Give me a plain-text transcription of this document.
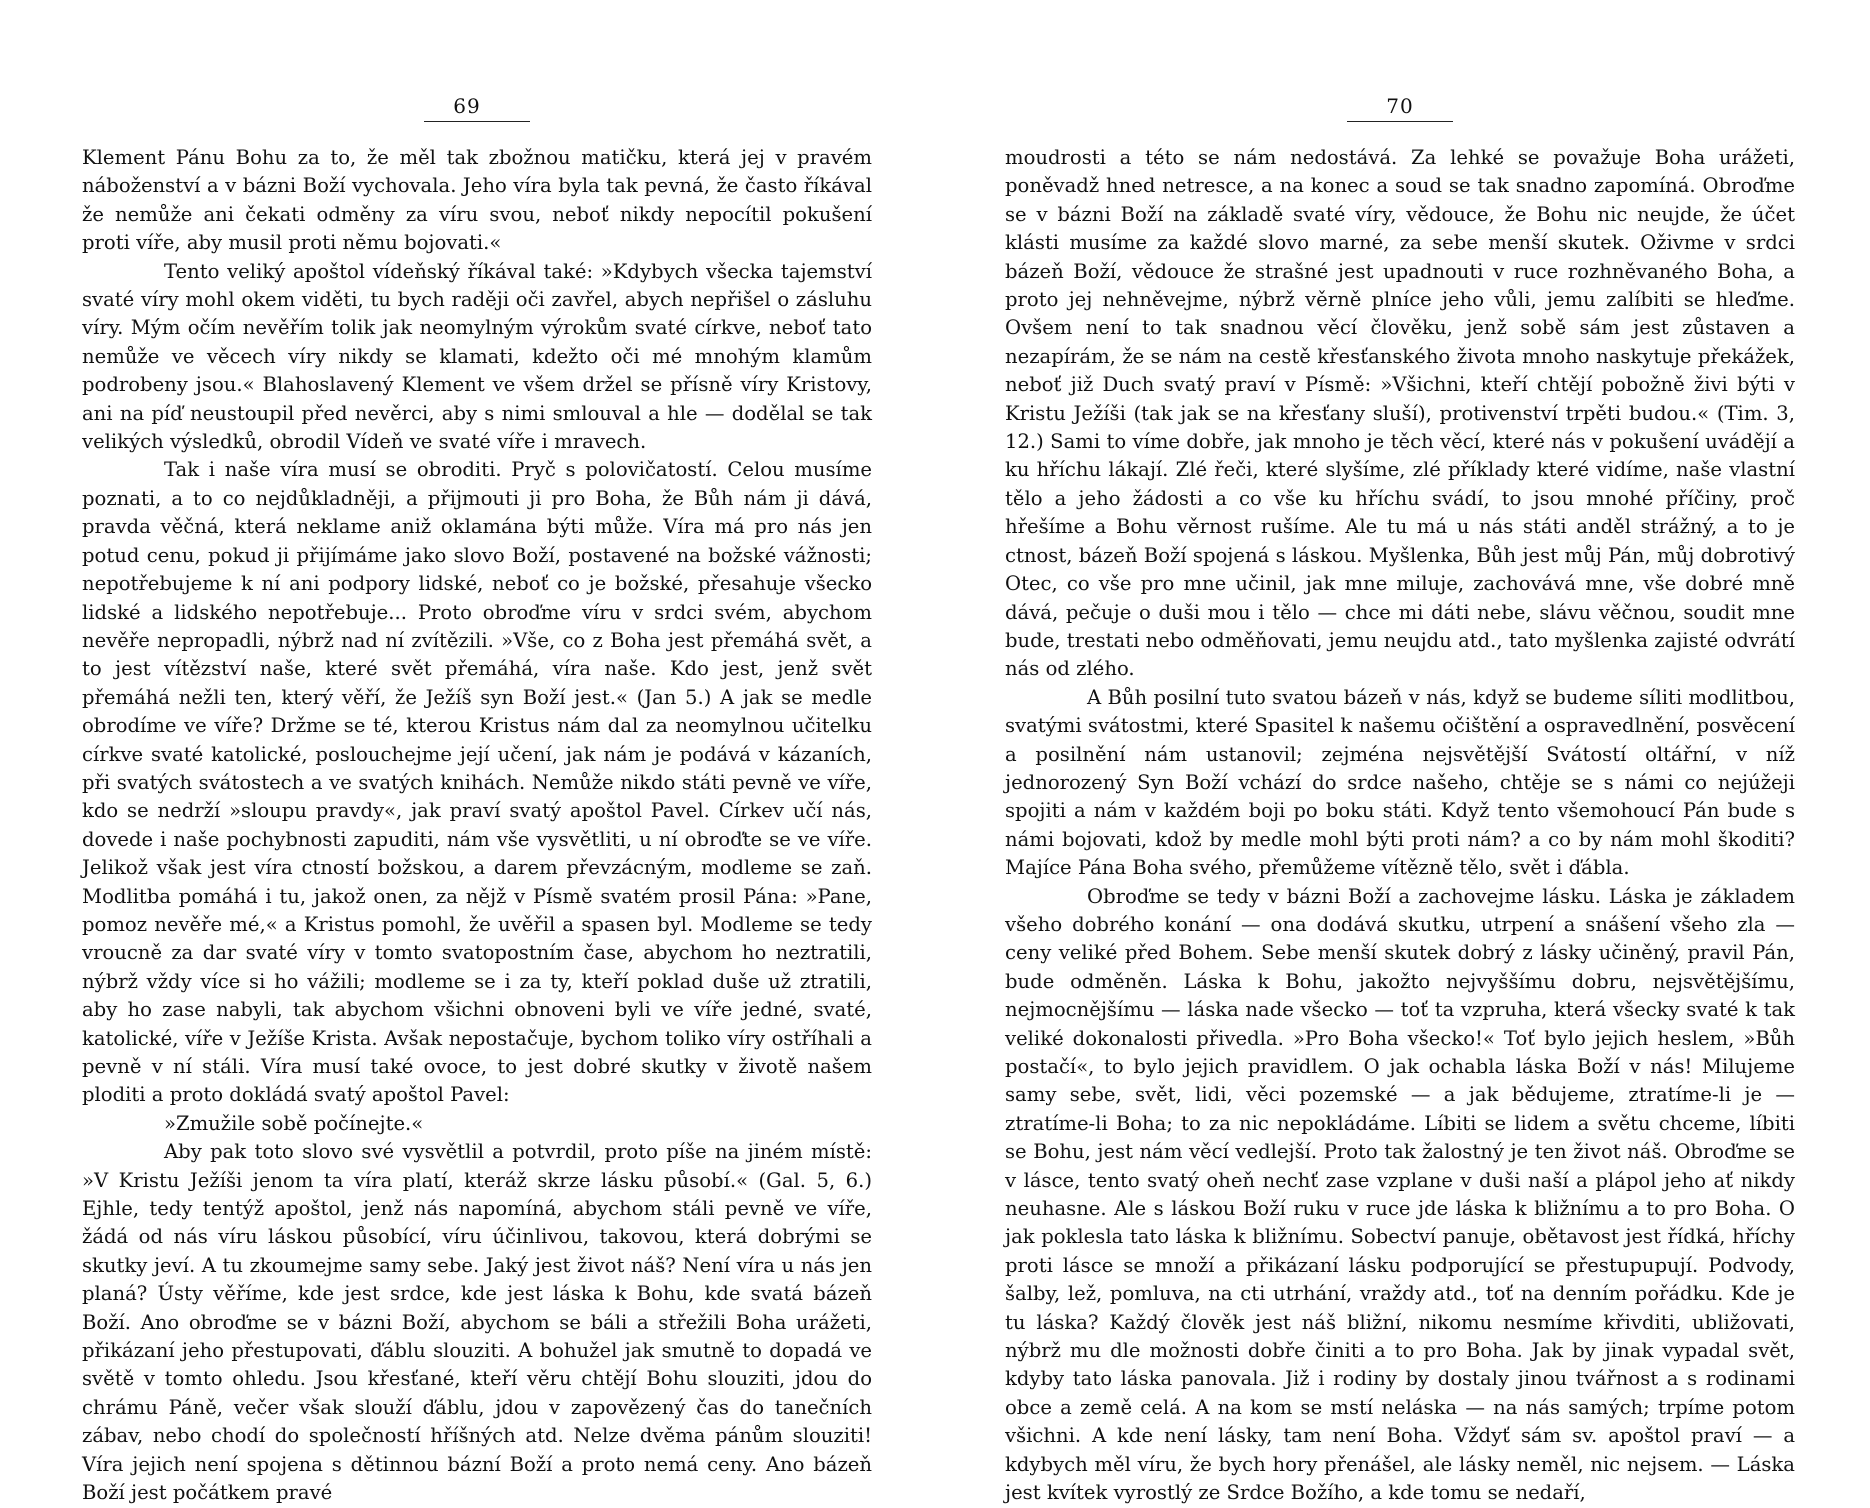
69

Klement Pánu Bohu za to, že měl tak zbožnou matičku, která jej v pravém náboženství a v bázni Boží vychovala. Jeho víra byla tak pevná, že často říkával že nemůže ani čekati odměny za víru svou, neboť nikdy nepocítil pokušení proti víře, aby musil proti němu bojovati.«

Tento veliký apoštol vídeňský říkával také: »Kdybych všecka tajemství svaté víry mohl okem viděti, tu bych raději oči zavřel, abych nepřišel o zásluhu víry. Mým očím nevěřím tolik jak neomylným výrokům svaté církve, neboť tato nemůže ve věcech víry nikdy se klamati, kdežto oči mé mnohým klamům podrobeny jsou.« Blahoslavený Klement ve všem držel se přísně víry Kristovy, ani na píď neustoupil před nevěrci, aby s nimi smlouval a hle — dodělal se tak velikých výsledků, obrodil Vídeň ve svaté víře i mravech.

Tak i naše víra musí se obroditi. Pryč s polovičatostí. Celou musíme poznati, a to co nejdůkladněji, a přijmouti ji pro Boha, že Bůh nám ji dává, pravda věčná, která neklame aniž oklamána býti může. Víra má pro nás jen potud cenu, pokud ji přijímáme jako slovo Boží, postavené na božské vážnosti; nepotřebujeme k ní ani podpory lidské, neboť co je božské, přesahuje všecko lidské a lidského nepotřebuje... Proto obroďme víru v srdci svém, abychom nevěře nepropadli, nýbrž nad ní zvítězili. »Vše, co z Boha jest přemáhá svět, a to jest vítězství naše, které svět přemáhá, víra naše. Kdo jest, jenž svět přemáhá nežli ten, který věří, že Ježíš syn Boží jest.« (Jan 5.) A jak se medle obrodíme ve víře? Držme se té, kterou Kristus nám dal za neomylnou učitelku církve svaté katolické, poslouchejme její učení, jak nám je podává v kázaních, při svatých svátostech a ve svatých knihách. Nemůže nikdo státi pevně ve víře, kdo se nedrží »sloupu pravdy«, jak praví svatý apoštol Pavel. Církev učí nás, dovede i naše pochybnosti zapuditi, nám vše vysvětliti, u ní obroďte se ve víře. Jelikož však jest víra ctností božskou, a darem převzácným, modleme se zaň. Modlitba pomáhá i tu, jakož onen, za nějž v Písmě svatém prosil Pána: »Pane, pomoz nevěře mé,« a Kristus pomohl, že uvěřil a spasen byl. Modleme se tedy vroucně za dar svaté víry v tomto svatopostním čase, abychom ho neztratili, nýbrž vždy více si ho vážili; modleme se i za ty, kteří poklad duše už ztratili, aby ho zase nabyli, tak abychom všichni obnoveni byli ve víře jedné, svaté, katolické, víře v Ježíše Krista. Avšak nepostačuje, bychom toliko víry ostříhali a pevně v ní stáli. Víra musí také ovoce, to jest dobré skutky v životě našem ploditi a proto dokládá svatý apoštol Pavel:

»Zmužile sobě počínejte.«

Aby pak toto slovo své vysvětlil a potvrdil, proto píše na jiném místě: »V Kristu Ježíši jenom ta víra platí, kteráž skrze lásku působí.« (Gal. 5, 6.) Ejhle, tedy tentýž apoštol, jenž nás napomíná, abychom stáli pevně ve víře, žádá od nás víru láskou působící, víru účinlivou, takovou, která dobrými se skutky jeví. A tu zkoumejme samy sebe. Jaký jest život náš? Není víra u nás jen planá? Ústy věříme, kde jest srdce, kde jest láska k Bohu, kde svatá bázeň Boží. Ano obroďme se v bázni Boží, abychom se báli a střežili Boha urážeti, přikázaní jeho přestupovati, ďáblu slouziti. A bohužel jak smutně to dopadá ve světě v tomto ohledu. Jsou křesťané, kteří věru chtějí Bohu slouziti, jdou do chrámu Páně, večer však slouží ďáblu, jdou v zapovězený čas do tanečních zábav, nebo chodí do společností hříšných atd. Nelze dvěma pánům slouziti! Víra jejich není spojena s dětinnou bázní Boží a proto nemá ceny. Ano bázeň Boží jest počátkem pravé

70

moudrosti a této se nám nedostává. Za lehké se považuje Boha urážeti, poněvadž hned netresce, a na konec a soud se tak snadno zapomíná. Obroďme se v bázni Boží na základě svaté víry, vědouce, že Bohu nic neujde, že účet klásti musíme za každé slovo marné, za sebe menší skutek. Oživme v srdci bázeň Boží, vědouce že strašné jest upadnouti v ruce rozhněvaného Boha, a proto jej nehněvejme, nýbrž věrně plníce jeho vůli, jemu zalíbiti se hleďme. Ovšem není to tak snadnou věcí člověku, jenž sobě sám jest zůstaven a nezapírám, že se nám na cestě křesťanského života mnoho naskytuje překážek, neboť již Duch svatý praví v Písmě: »Všichni, kteří chtějí pobožně živi býti v Kristu Ježíši (tak jak se na křesťany sluší), protivenství trpěti budou.« (Tim. 3, 12.) Sami to víme dobře, jak mnoho je těch věcí, které nás v pokušení uvádějí a ku hříchu lákají. Zlé řeči, které slyšíme, zlé příklady které vidíme, naše vlastní tělo a jeho žádosti a co vše ku hříchu svádí, to jsou mnohé příčiny, proč hřešíme a Bohu věrnost rušíme. Ale tu má u nás státi anděl strážný, a to je ctnost, bázeň Boží spojená s láskou. Myšlenka, Bůh jest můj Pán, můj dobrotivý Otec, co vše pro mne učinil, jak mne miluje, zachovává mne, vše dobré mně dává, pečuje o duši mou i tělo — chce mi dáti nebe, slávu věčnou, soudit mne bude, trestati nebo odměňovati, jemu neujdu atd., tato myšlenka zajisté odvrátí nás od zlého.

A Bůh posilní tuto svatou bázeň v nás, když se budeme síliti modlitbou, svatými svátostmi, které Spasitel k našemu očištění a ospravedlnění, posvěcení a posilnění nám ustanovil; zejména nejsvětější Svátostí oltářní, v níž jednorozený Syn Boží vchází do srdce našeho, chtěje se s námi co nejúžeji spojiti a nám v každém boji po boku státi. Když tento všemohoucí Pán bude s námi bojovati, kdož by medle mohl býti proti nám? a co by nám mohl škoditi? Majíce Pána Boha svého, přemůžeme vítězně tělo, svět i ďábla.

Obroďme se tedy v bázni Boží a zachovejme lásku. Láska je základem všeho dobrého konání — ona dodává skutku, utrpení a snášení všeho zla — ceny veliké před Bohem. Sebe menší skutek dobrý z lásky učiněný, pravil Pán, bude odměněn. Láska k Bohu, jakožto nejvyššímu dobru, nejsvětějšímu, nejmocnějšímu — láska nade všecko — toť ta vzpruha, která všecky svaté k tak veliké dokonalosti přivedla. »Pro Boha všecko!« Toť bylo jejich heslem, »Bůh postačí«, to bylo jejich pravidlem. O jak ochabla láska Boží v nás! Milujeme samy sebe, svět, lidi, věci pozemské — a jak bědujeme, ztratíme-li je — ztratíme-li Boha; to za nic nepokládáme. Líbiti se lidem a světu chceme, líbiti se Bohu, jest nám věcí vedlejší. Proto tak žalostný je ten život náš. Obroďme se v lásce, tento svatý oheň nechť zase vzplane v duši naší a plápol jeho ať nikdy neuhasne. Ale s láskou Boží ruku v ruce jde láska k bližnímu a to pro Boha. O jak poklesla tato láska k bližnímu. Sobectví panuje, obětavost jest řídká, hříchy proti lásce se množí a přikázaní lásku podporující se přestupupují. Podvody, šalby, lež, pomluva, na cti utrhání, vraždy atd., toť na denním pořádku. Kde je tu láska? Každý člověk jest náš bližní, nikomu nesmíme křivditi, ubližovati, nýbrž mu dle možnosti dobře činiti a to pro Boha. Jak by jinak vypadal svět, kdyby tato láska panovala. Již i rodiny by dostaly jinou tvářnost a s rodinami obce a země celá. A na kom se mstí neláska — na nás samých; trpíme potom všichni. A kde není lásky, tam není Boha. Vždyť sám sv. apoštol praví — a kdybych měl víru, že bych hory přenášel, ale lásky neměl, nic nejsem. — Láska jest kvítek vyrostlý ze Srdce Božího, a kde tomu se nedaří,
